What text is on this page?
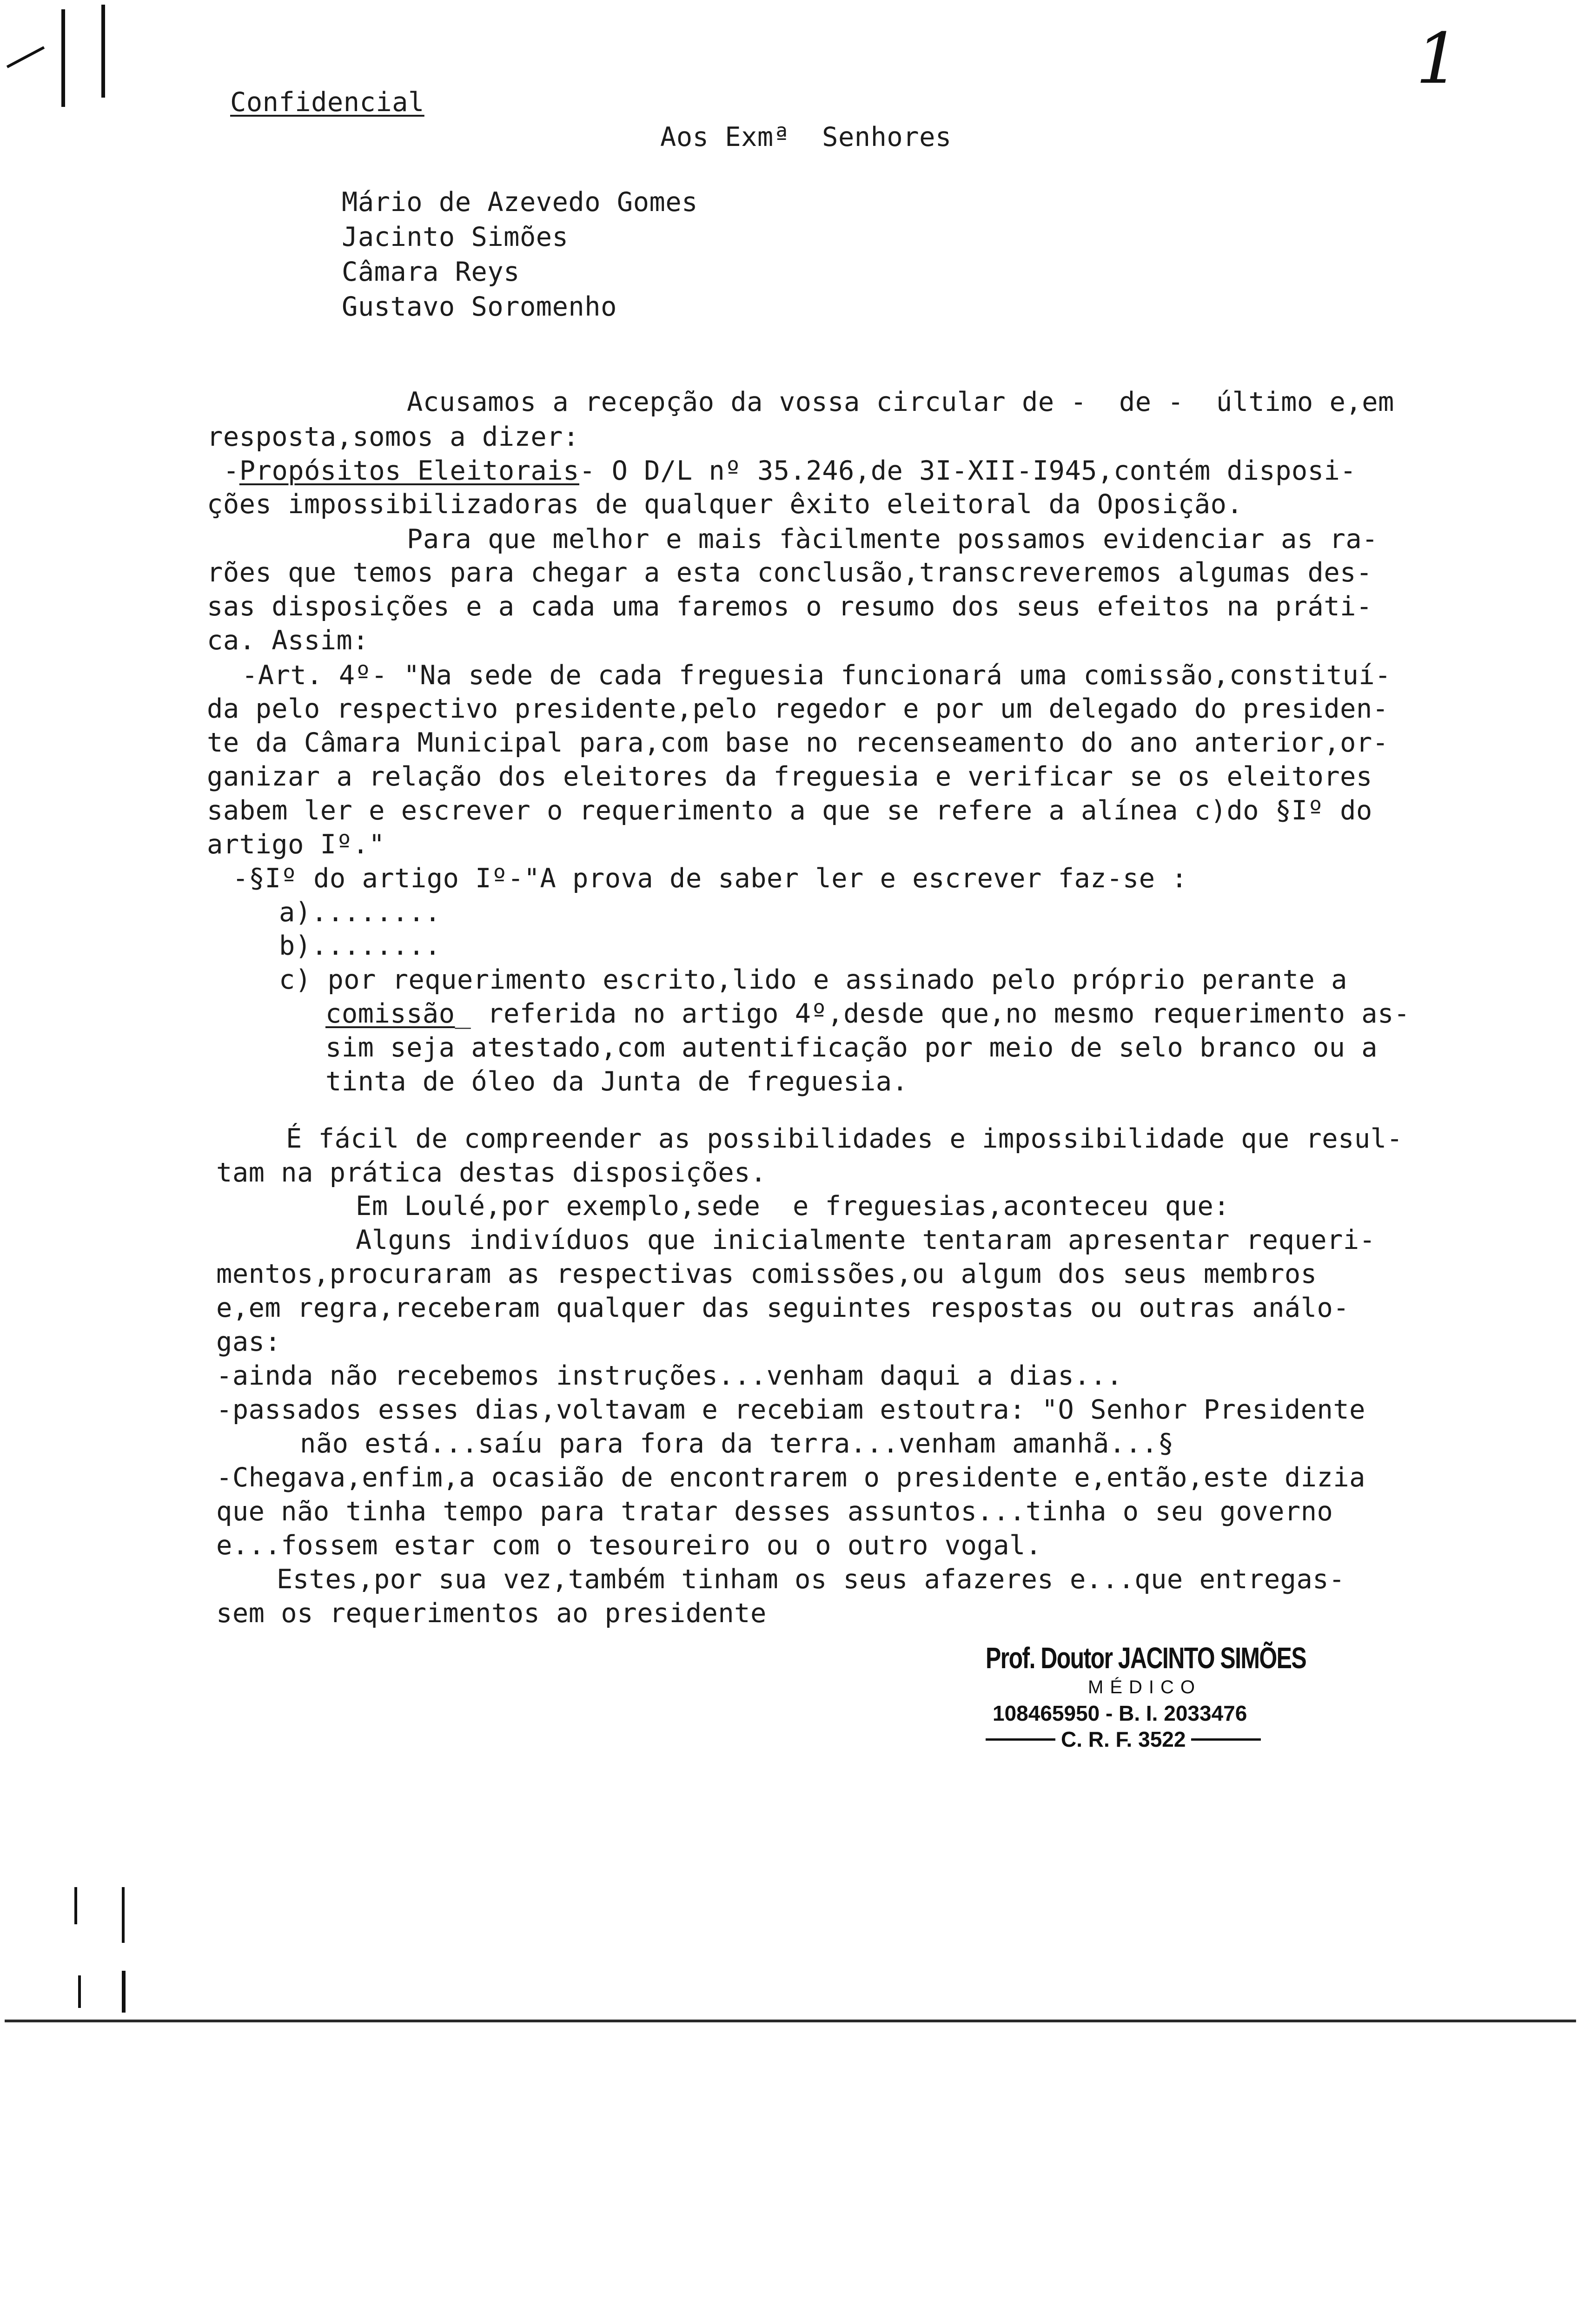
1
Confidencial
Aos Exmª  Senhores
Mário de Azevedo Gomes
Jacinto Simões
Câmara Reys
Gustavo Soromenho
Acusamos a recepção da vossa circular de -  de -  último e,em
resposta,somos a dizer:
-Propósitos Eleitorais- O D/L nº 35.246,de 3I-XII-I945,contém disposi-
ções impossibilizadoras de qualquer êxito eleitoral da Oposição.
Para que melhor e mais fàcilmente possamos evidenciar as ra-
rões que temos para chegar a esta conclusão,transcreveremos algumas des-
sas disposições e a cada uma faremos o resumo dos seus efeitos na práti-
ca. Assim:
-Art. 4º- "Na sede de cada freguesia funcionará uma comissão,constituí-
da pelo respectivo presidente,pelo regedor e por um delegado do presiden-
te da Câmara Municipal para,com base no recenseamento do ano anterior,or-
ganizar a relação dos eleitores da freguesia e verificar se os eleitores
sabem ler e escrever o requerimento a que se refere a alínea c)do §Iº do
artigo Iº."
-§Iº do artigo Iº-"A prova de saber ler e escrever faz-se :
a)........
b)........
c) por requerimento escrito,lido e assinado pelo próprio perante a
comissão_ referida no artigo 4º,desde que,no mesmo requerimento as-
sim seja atestado,com autentificação por meio de selo branco ou a
tinta de óleo da Junta de freguesia.
É fácil de compreender as possibilidades e impossibilidade que resul-
tam na prática destas disposições.
Em Loulé,por exemplo,sede  e freguesias,aconteceu que:
Alguns indivíduos que inicialmente tentaram apresentar requeri-
mentos,procuraram as respectivas comissões,ou algum dos seus membros
e,em regra,receberam qualquer das seguintes respostas ou outras análo-
gas:
-ainda não recebemos instruções...venham daqui a dias...
-passados esses dias,voltavam e recebiam estoutra: "O Senhor Presidente
não está...saíu para fora da terra...venham amanhã...§
-Chegava,enfim,a ocasião de encontrarem o presidente e,então,este dizia
que não tinha tempo para tratar desses assuntos...tinha o seu governo
e...fossem estar com o tesoureiro ou o outro vogal.
Estes,por sua vez,também tinham os seus afazeres e...que entregas-
sem os requerimentos ao presidente
Prof. Doutor JACINTO SIMÕES
MÉDICO
108465950 - B. I. 2033476
C. R. F. 3522
